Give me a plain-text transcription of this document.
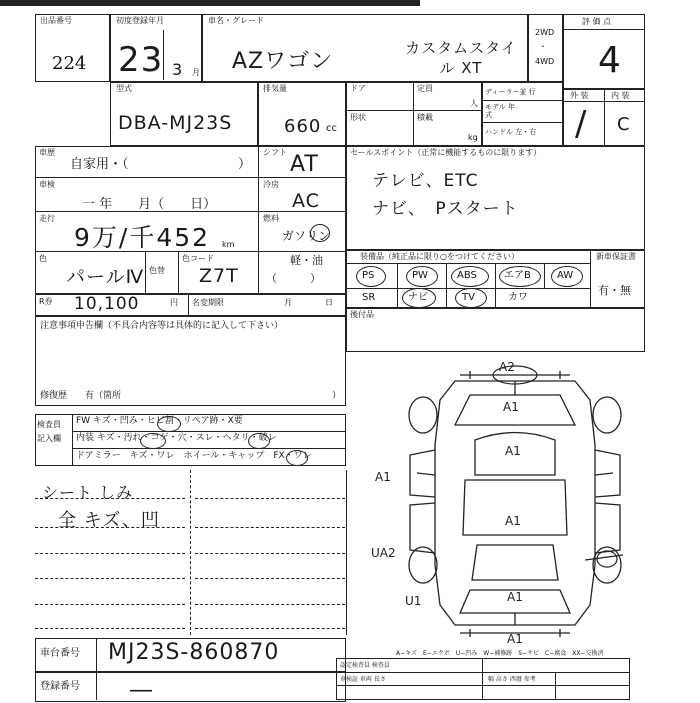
出品番号
224
初度登録年月
23 3 月
車名・グレード
AZワゴン
カスタムスタイル XT
2WD
・
4WD
評 価 点
4
型式
DBA-MJ23S
排気量
660 cc
ドア	定員
人
形状	積載
kg
ディーラー並 行
モデル 年式
ハンドル 左・右
外 装	内 装
/ C
車歴
自家用・（	）
シフト AT
車検
一 年　　月（　　日）
冷房
AC
走行
9万/千452 km
燃料
ガソリン
軽・油
（　　　）
色
パールⅣ 色替
色コード
Z7T
セールスポイント（正常に機能するものに限ります）
テレビ、ETC
ナビ、　Pスタート
装備品（純正品に限り○をつけてください）	新車保証書
有・無
PS	PW	ABS	エアB	AW
SR	ナビ	TV	カワ
後付品
R券 10,100	円 名変期限	月	日
注意事項申告欄（不具合内容等は具体的に記入して下さい）
修復歴　　有（箇所	）
検査員 記入欄
FW キズ・凹み・ヒビ割・リペア跡・X要
内装 キズ・汚れ・コゲ・穴・スレ・ヘタリ・破レ
ドアミラー　キズ・ワレ　ホイール・キャップ　FX・ワレ
シート しみ
全 キズ、凹
A2
A1
A1
A1
A1
A1
UA2
U1
A1
車台番号 MJ23S-860870
登録番号 ―
A−キズ　E−エクボ　U−凹み　W−補修跡　S−サビ　C−腐食　XX−交換済
認定検査員 検査員
車検証 車両 長さ	幅 高さ 西暦 参考
